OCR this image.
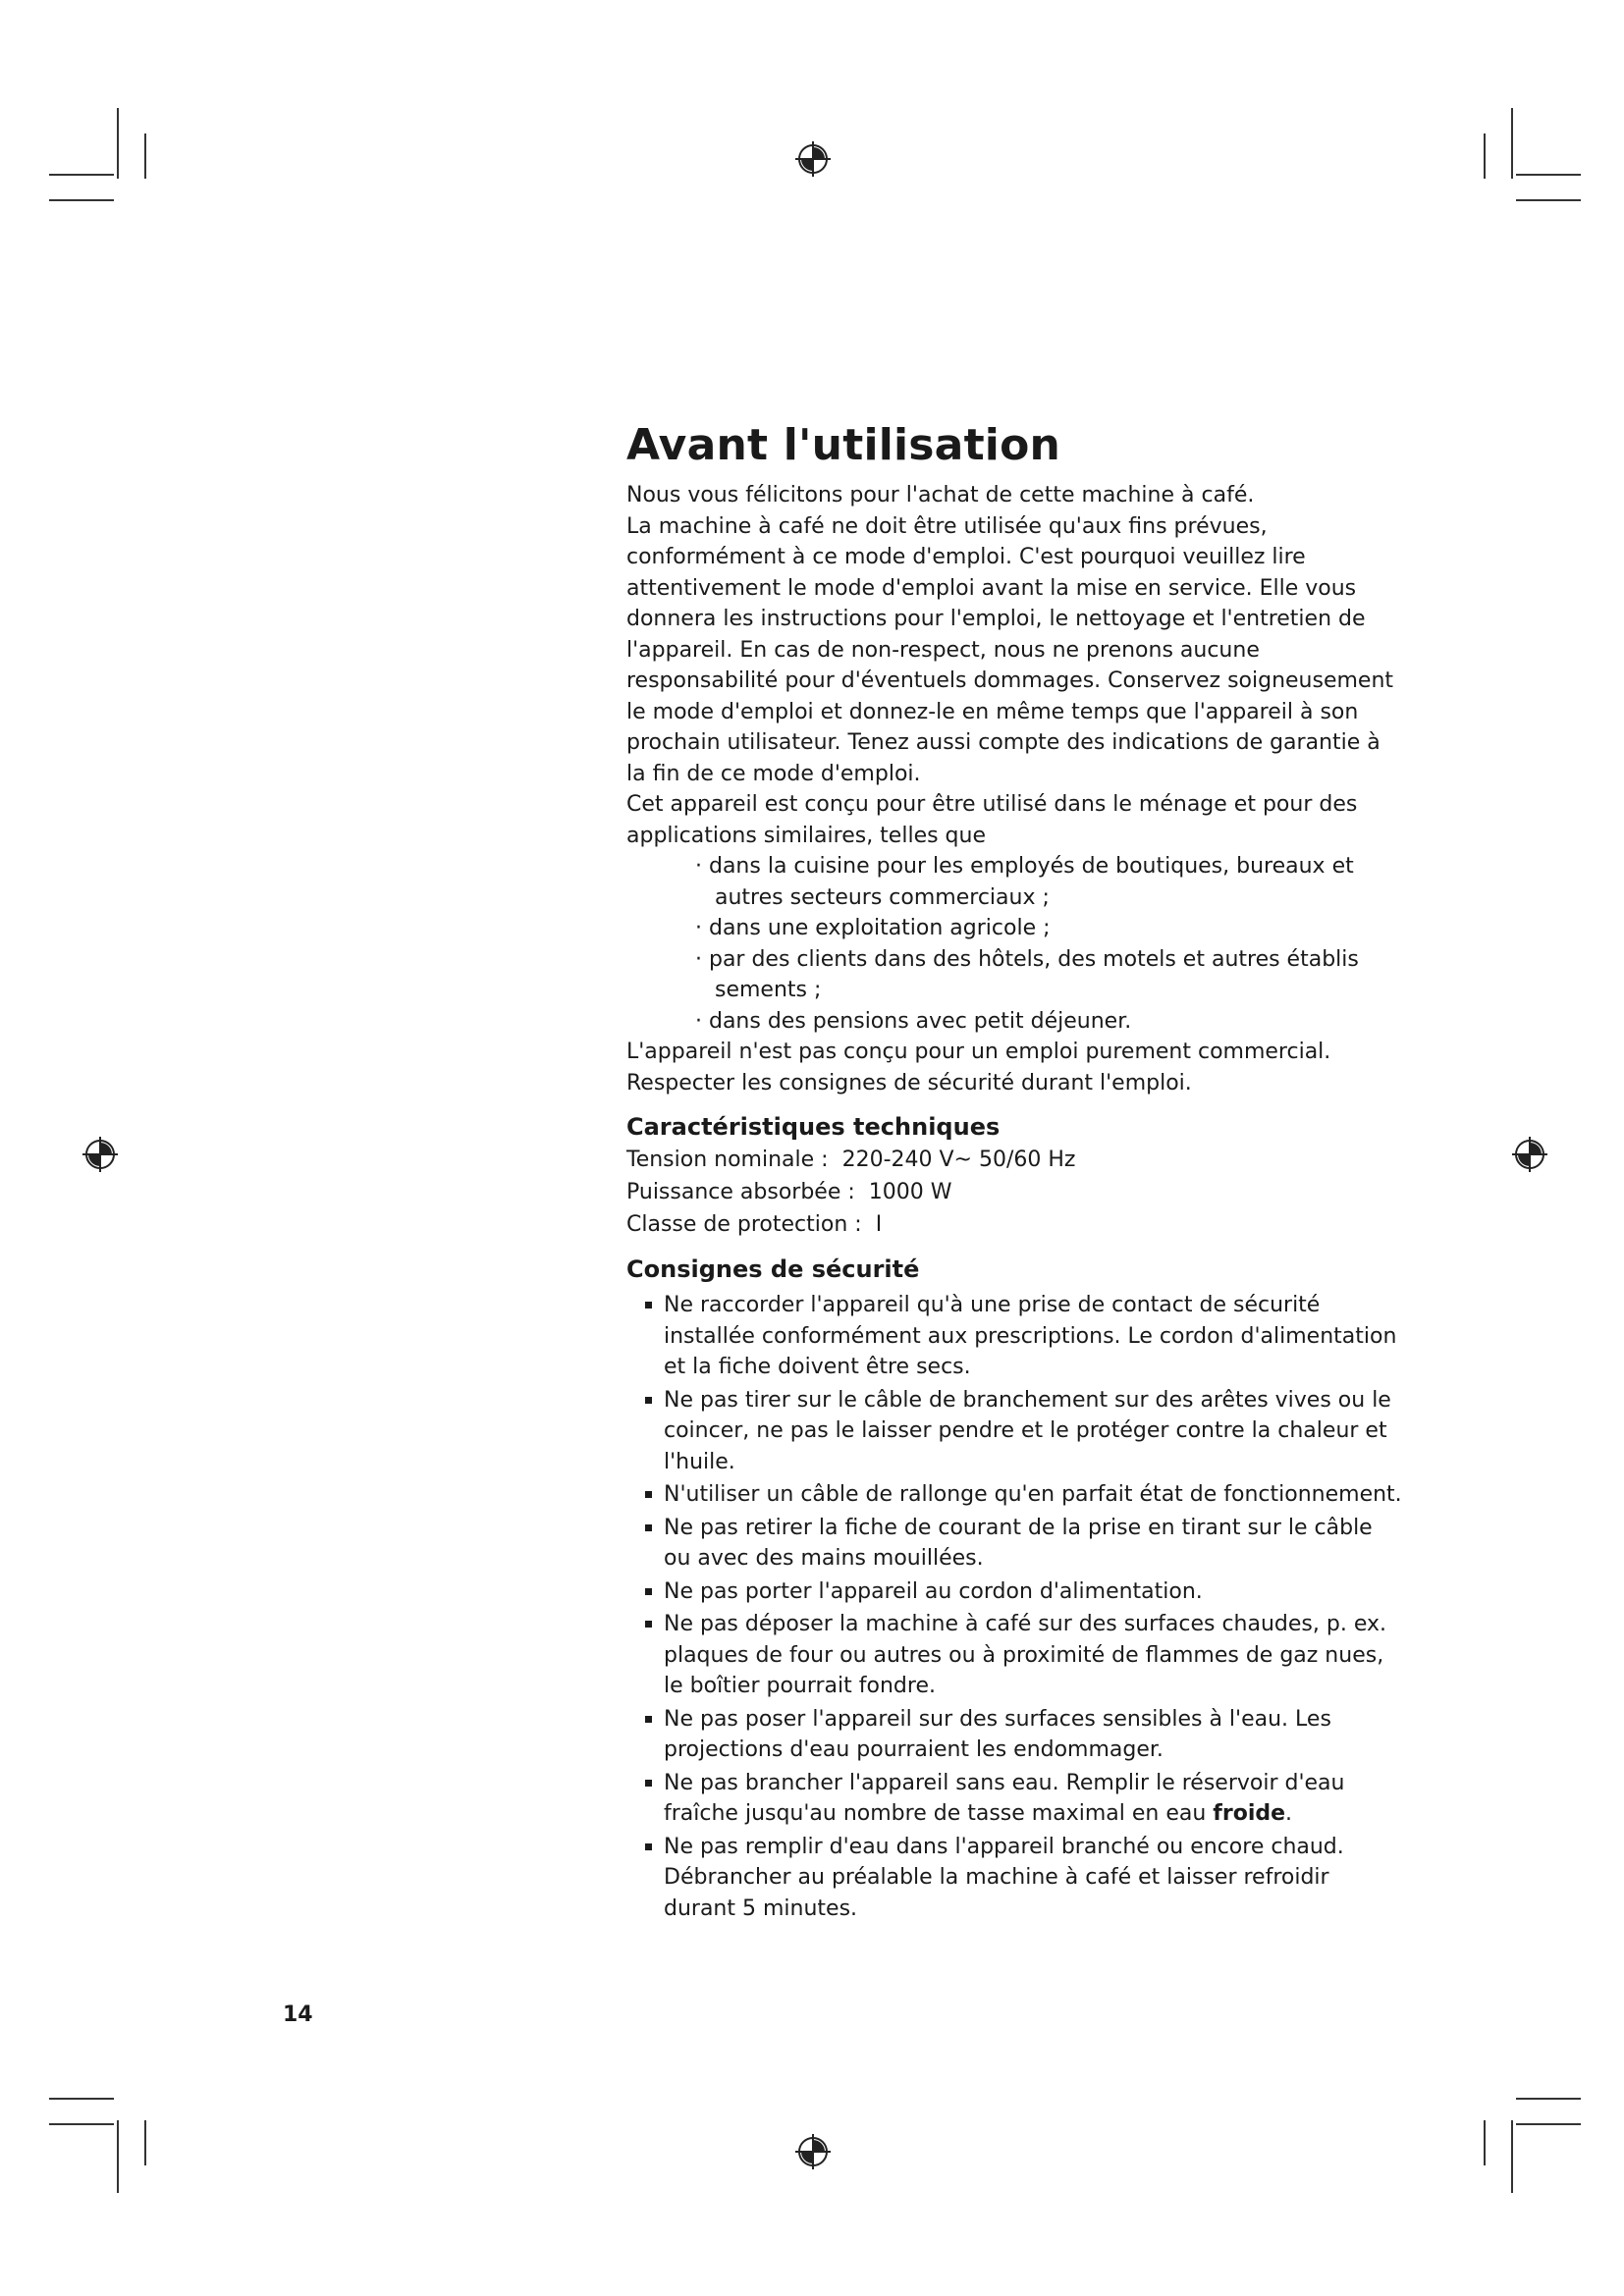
Avant l'utilisation

Nous vous félicitons pour l'achat de cette machine à café.

La machine à café ne doit être utilisée qu'aux fins prévues, conformément à ce mode d'emploi. C'est pourquoi veuillez lire attentivement le mode d'emploi avant la mise en service. Elle vous donnera les instructions pour l'emploi, le nettoyage et l'entretien de l'appareil. En cas de non-respect, nous ne prenons aucune responsabilité pour d'éventuels dommages. Conservez soigneusement le mode d'emploi et donnez-le en même temps que l'appareil à son prochain utilisateur. Tenez aussi compte des indications de garantie à la fin de ce mode d'emploi.

Cet appareil est conçu pour être utilisé dans le ménage et pour des applications similaires, telles que

· dans la cuisine pour les employés de boutiques, bureaux et autres secteurs commerciaux ;
· dans une exploitation agricole ;
· par des clients dans des hôtels, des motels et autres établis sements ;
· dans des pensions avec petit déjeuner.

L'appareil n'est pas conçu pour un emploi purement commercial.

Respecter les consignes de sécurité durant l'emploi.

Caractéristiques techniques
Tension nominale : 220-240 V~ 50/60 Hz
Puissance absorbée : 1000 W
Classe de protection : I
Consignes de sécurité
Ne raccorder l'appareil qu'à une prise de contact de sécurité installée conformément aux prescriptions. Le cordon d'alimentation et la fiche doivent être secs.
Ne pas tirer sur le câble de branchement sur des arêtes vives ou le coincer, ne pas le laisser pendre et le protéger contre la chaleur et l'huile.
N'utiliser un câble de rallonge qu'en parfait état de fonctionnement.
Ne pas retirer la fiche de courant de la prise en tirant sur le câble ou avec des mains mouillées.
Ne pas porter l'appareil au cordon d'alimentation.
Ne pas déposer la machine à café sur des surfaces chaudes, p. ex. plaques de four ou autres ou à proximité de flammes de gaz nues, le boîtier pourrait fondre.
Ne pas poser l'appareil sur des surfaces sensibles à l'eau. Les projections d'eau pourraient les endommager.
Ne pas brancher l'appareil sans eau. Remplir le réservoir d'eau fraîche jusqu'au nombre de tasse maximal en eau froide.
Ne pas remplir d'eau dans l'appareil branché ou encore chaud. Débrancher au préalable la machine à café et laisser refroidir durant 5 minutes.
14
